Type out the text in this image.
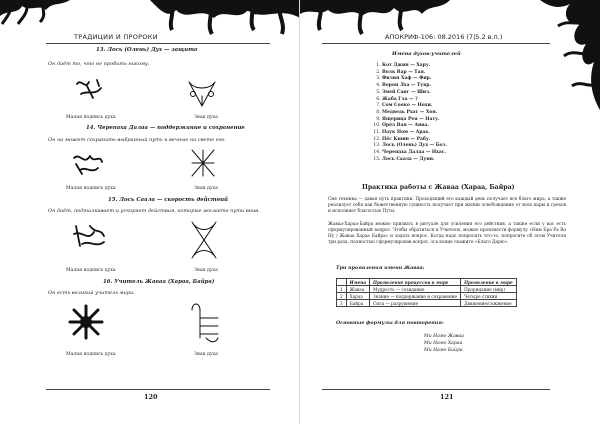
ТРАДИЦИИ И ПРОРОКИ
13. Лось (Олень) Дух — защита
Он даёт то, что не пробить никому.
Малая подпись духа	Знак духа
14. Черепаха Далаа — поддержание и сохранение
Он на может сохранить выбранный путь и вечные на свете его.
Малая подпись духа	Знак духа
15. Лось Саала — скорость действий
Он даёт, подталкивает и ускоряет действия, которые желаете пути внив.
Малая подпись духа	Знак духа
16. Учитель Жаваа (Хараа, Байра)
Он есть великий учитель мира.
Малая подпись духа	Знак духа
120
АПОКРИФ-106: 08.2016 (7|5.2 в.п.)
Имена духов-учителей
1. Кот Джин — Хару.
2. Волк Вар — Тая.
3. Филин Хаф — Фир.
4. Ворон Лха — Тувр.
5. Змей Санг — Шиз.
6. Жаба Гла — ?
7. Сом Сооко — Нохи.
8. Медведь Рхат — Хон.
9. Ящерица Рея — Нату.
10. Орёл Вая — Анва.
11. Паук Ном — Арах.
12. Пёс Кшин — Рабу.
13. Лось (Олень) Дух — Боз.
14. Черепаха Далаа — Нхас.
15. Лось Саала — Дунн.
Практика работы с Жаваа (Хараа, Байра)
Сия техника — давая путь практики. Проходящий его каждый день получает все благо мира, а также реализует себя как божественную сущность получает при жизни освобождение от всех карм и грехов и исполняет благостью Пути.
Жаваа-Хараа-Байра можно призвать в ритуале для усиления его действия, а также если у вас есть сформулированный вопрос. Чтобы обратиться к Учителю, можно произнести формулу «Ням Бра Ра Ва Ну / Жаваа Хараа Байра» и задать вопрос. Когда надо попросить что-то, попросите об этом Учителя три раза, полностью сформулировав вопрос, и в конце скажите «Благо Дарю».
Три проявления имени Жаваа:
	Имена	Проявление процессов в мире	Проявление в мире
1	Жаваа	Мудрость — созидание	Прорицание (мир)
2	Хараа	Знание — поддержание и сохранение	Четыре стихии
3	Байра	Сила — разрушение	Движение/сожжение
Основные формулы для повторения:
Ми Намо Жаваа
Ми Намо Хараа
Ми Намо Байра
121
